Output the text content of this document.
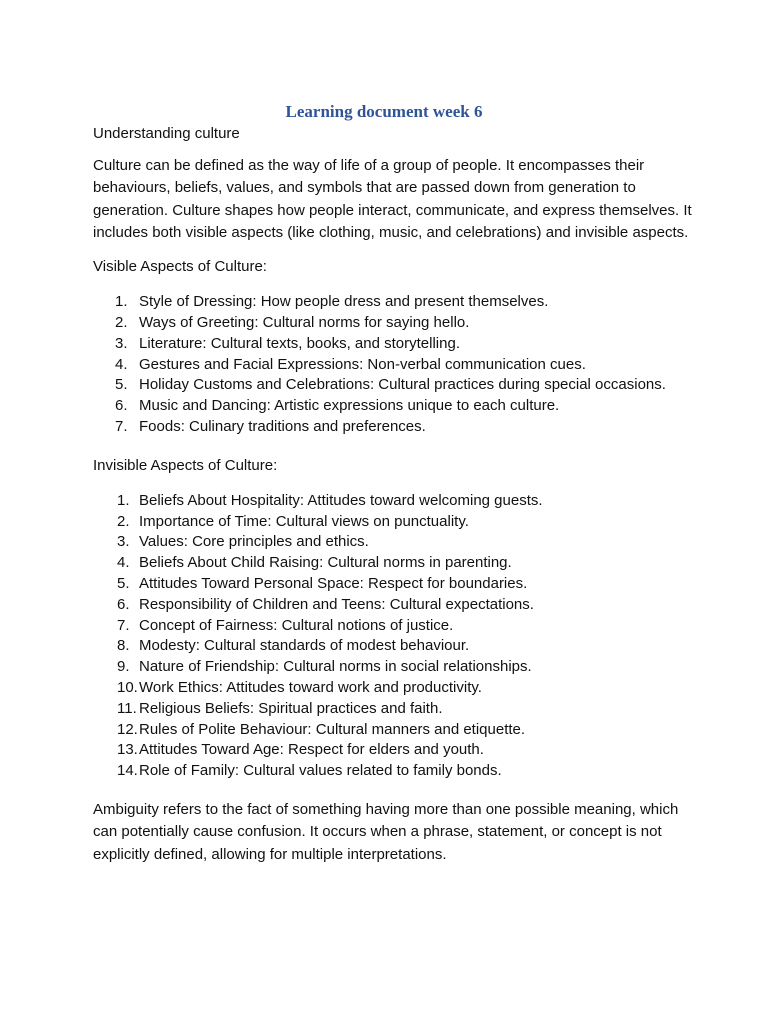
Learning document week 6

Understanding culture

Culture can be defined as the way of life of a group of people. It encompasses their behaviours, beliefs, values, and symbols that are passed down from generation to generation. Culture shapes how people interact, communicate, and express themselves. It includes both visible aspects (like clothing, music, and celebrations) and invisible aspects.

Visible Aspects of Culture:

1. Style of Dressing: How people dress and present themselves.
2. Ways of Greeting: Cultural norms for saying hello.
3. Literature: Cultural texts, books, and storytelling.
4. Gestures and Facial Expressions: Non-verbal communication cues.
5. Holiday Customs and Celebrations: Cultural practices during special occasions.
6. Music and Dancing: Artistic expressions unique to each culture.
7. Foods: Culinary traditions and preferences.

Invisible Aspects of Culture:

1. Beliefs About Hospitality: Attitudes toward welcoming guests.
2. Importance of Time: Cultural views on punctuality.
3. Values: Core principles and ethics.
4. Beliefs About Child Raising: Cultural norms in parenting.
5. Attitudes Toward Personal Space: Respect for boundaries.
6. Responsibility of Children and Teens: Cultural expectations.
7. Concept of Fairness: Cultural notions of justice.
8. Modesty: Cultural standards of modest behaviour.
9. Nature of Friendship: Cultural norms in social relationships.
10. Work Ethics: Attitudes toward work and productivity.
11. Religious Beliefs: Spiritual practices and faith.
12. Rules of Polite Behaviour: Cultural manners and etiquette.
13. Attitudes Toward Age: Respect for elders and youth.
14. Role of Family: Cultural values related to family bonds.

Ambiguity refers to the fact of something having more than one possible meaning, which can potentially cause confusion. It occurs when a phrase, statement, or concept is not explicitly defined, allowing for multiple interpretations.
